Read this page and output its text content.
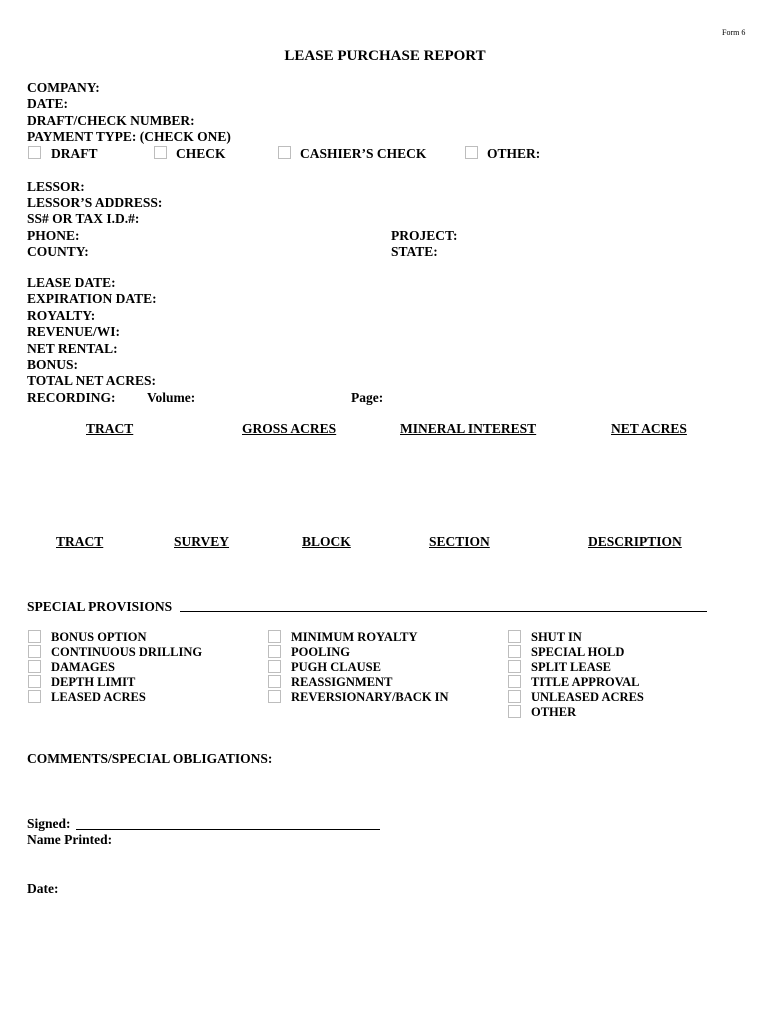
Form 6
LEASE PURCHASE REPORT
COMPANY:
DATE:
DRAFT/CHECK NUMBER:
PAYMENT TYPE: (CHECK ONE)
DRAFT	CHECK	CASHIER’S CHECK	OTHER:
LESSOR:
LESSOR’S ADDRESS:
SS# OR TAX I.D.#:
PHONE:	PROJECT:
COUNTY:	STATE:
LEASE DATE:
EXPIRATION DATE:
ROYALTY:
REVENUE/WI:
NET RENTAL:
BONUS:
TOTAL NET ACRES:
RECORDING: Volume:	Page:
TRACT	GROSS ACRES	MINERAL INTEREST	NET ACRES
TRACT	SURVEY	BLOCK	SECTION	DESCRIPTION
SPECIAL PROVISIONS
BONUS OPTION
CONTINUOUS DRILLING
DAMAGES
DEPTH LIMIT
LEASED ACRES
MINIMUM ROYALTY
POOLING
PUGH CLAUSE
REASSIGNMENT
REVERSIONARY/BACK IN
SHUT IN
SPECIAL HOLD
SPLIT LEASE
TITLE APPROVAL
UNLEASED ACRES
OTHER
COMMENTS/SPECIAL OBLIGATIONS:
Signed:
Name Printed:
Date:
